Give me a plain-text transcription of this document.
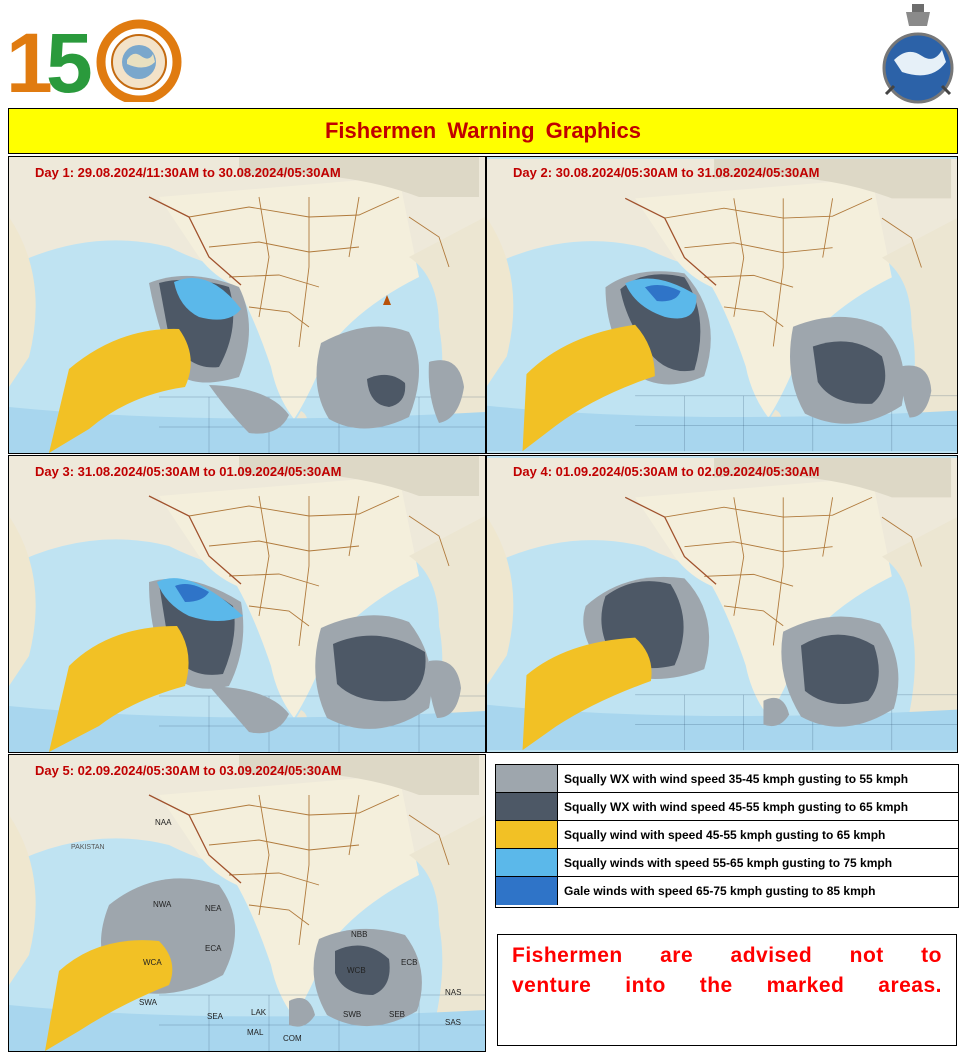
1
5
Fishermen Warning Graphics
Day 1: 29.08.2024/11:30AM to 30.08.2024/05:30AM	Day 2: 30.08.2024/05:30AM to 31.08.2024/05:30AM
Day 3: 31.08.2024/05:30AM to 01.09.2024/05:30AM	Day 4: 01.09.2024/05:30AM to 02.09.2024/05:30AM
NWA	NEA
ECA
WCA
SWA
SEA	LAK
MAL
COM
NBB
WCB
ECB
SWB	SEB
NAS
SAS
PAKISTAN
NAA
Day 5: 02.09.2024/05:30AM to 03.09.2024/05:30AM
Squally WX with wind speed 35-45 kmph gusting to 55 kmph
Squally WX with wind speed 45-55 kmph gusting to 65 kmph
Squally wind with speed 45-55 kmph gusting to 65 kmph
Squally winds with speed 55-65 kmph gusting to 75 kmph
Gale winds with speed 65-75 kmph gusting to 85 kmph
Fishermen are advised not to venture into the marked areas.
